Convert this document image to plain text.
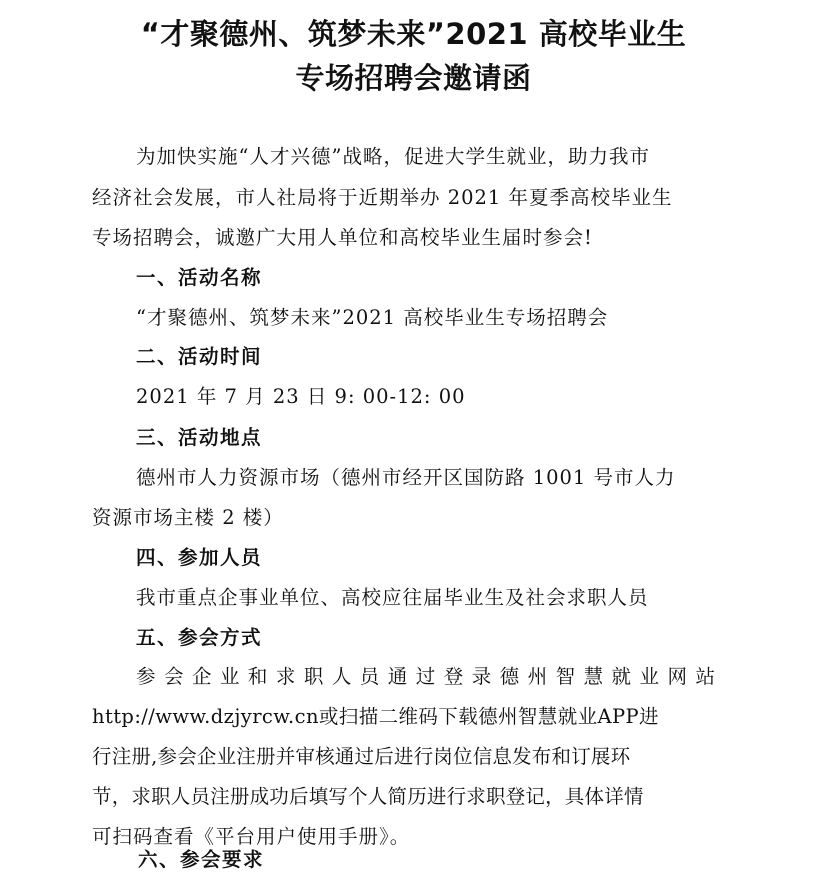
“才聚德州、筑梦未来”2021 高校毕业生
专场招聘会邀请函
为加快实施“人才兴德”战略，促进大学生就业，助力我市
经济社会发展，市人社局将于近期举办 2021 年夏季高校毕业生
专场招聘会，诚邀广大用人单位和高校毕业生届时参会!
一、活动名称
“才聚德州、筑梦未来”2021 高校毕业生专场招聘会
二、活动时间
2021 年 7 月 23 日 9: 00-12: 00
三、活动地点
德州市人力资源市场（德州市经开区国防路 1001 号市人力
资源市场主楼 2 楼）
四、参加人员
我市重点企事业单位、高校应往届毕业生及社会求职人员
五、参会方式
参会企业和求职人员通过登录德州智慧就业网站
http://www.dzjyrcw.cn或扫描二维码下载德州智慧就业APP进
行注册,参会企业注册并审核通过后进行岗位信息发布和订展环
节，求职人员注册成功后填写个人简历进行求职登记，具体详情
可扫码查看《平台用户使用手册》。
六、参会要求
